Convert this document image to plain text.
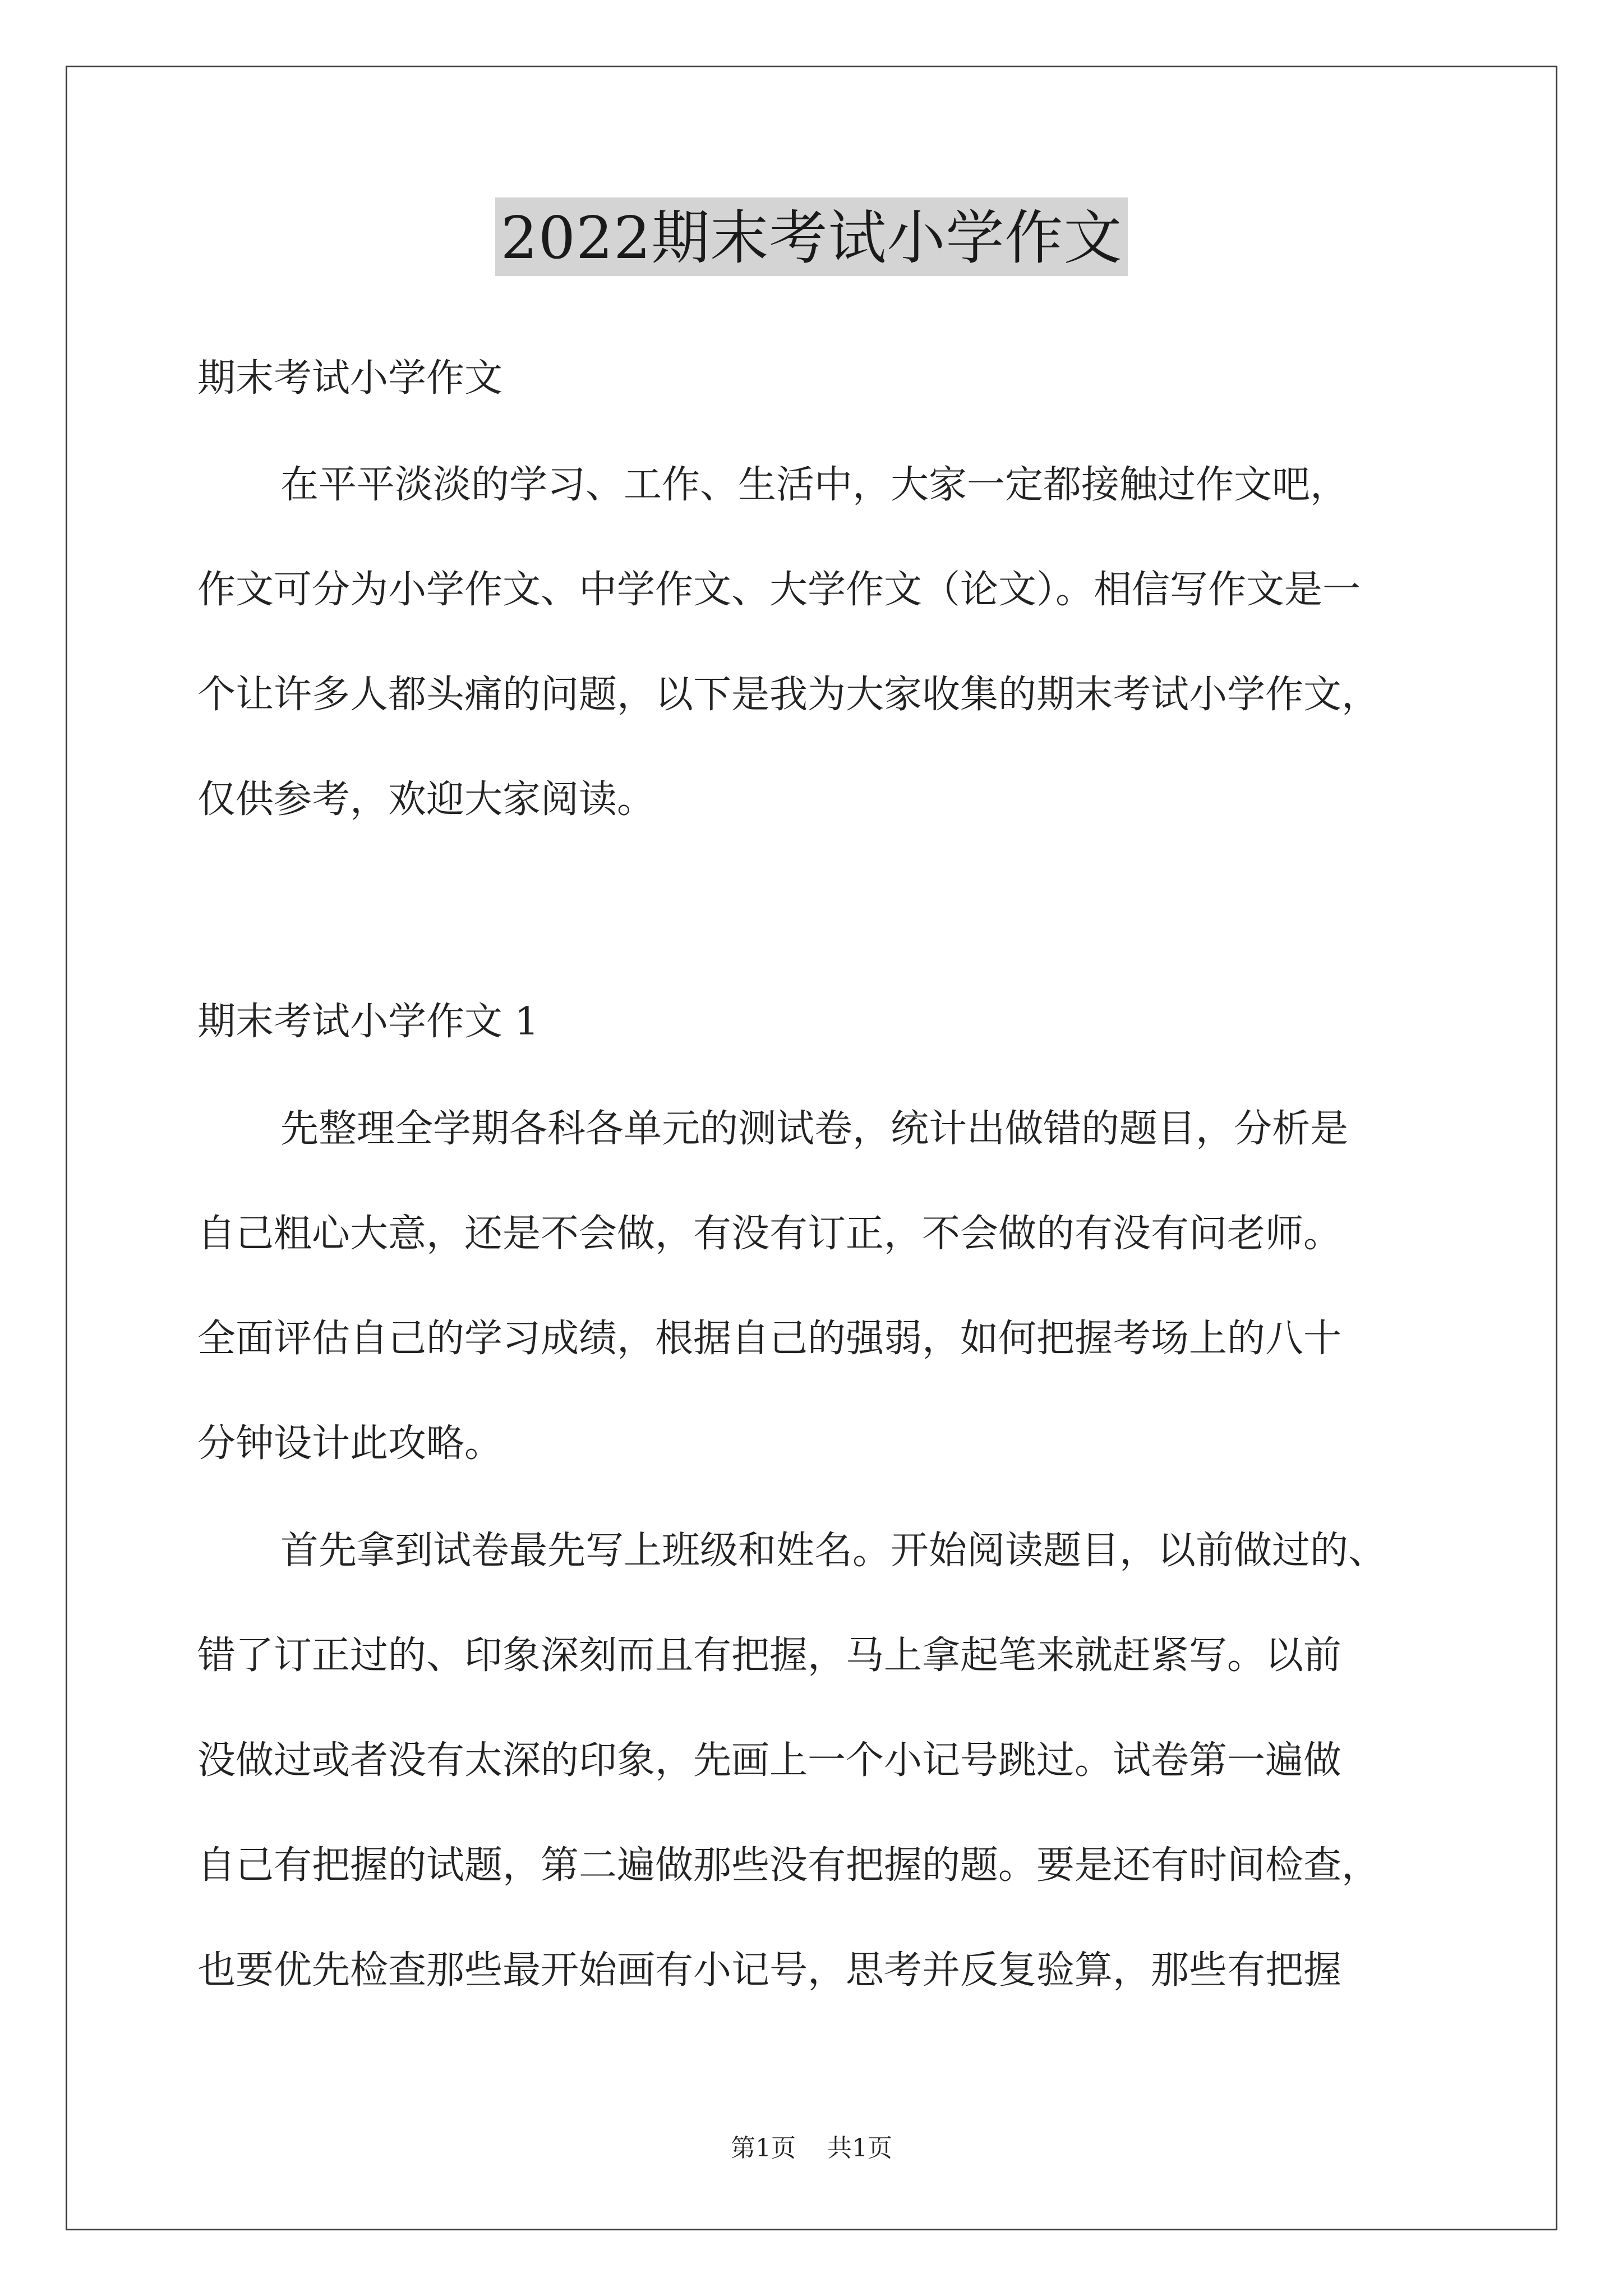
2022期末考试小学作文
期末考试小学作文
在平平淡淡的学习、工作、生活中，大家一定都接触过作文吧，
作文可分为小学作文、中学作文、大学作文（论文）。相信写作文是一
个让许多人都头痛的问题，以下是我为大家收集的期末考试小学作文，
仅供参考，欢迎大家阅读。
期末考试小学作文 1
先整理全学期各科各单元的测试卷，统计出做错的题目，分析是
自己粗心大意，还是不会做，有没有订正，不会做的有没有问老师。
全面评估自己的学习成绩，根据自己的强弱，如何把握考场上的八十
分钟设计此攻略。
首先拿到试卷最先写上班级和姓名。开始阅读题目，以前做过的、
错了订正过的、印象深刻而且有把握，马上拿起笔来就赶紧写。以前
没做过或者没有太深的印象，先画上一个小记号跳过。试卷第一遍做
自己有把握的试题，第二遍做那些没有把握的题。要是还有时间检查，
也要优先检查那些最开始画有小记号，思考并反复验算，那些有把握
第1页 共1页
